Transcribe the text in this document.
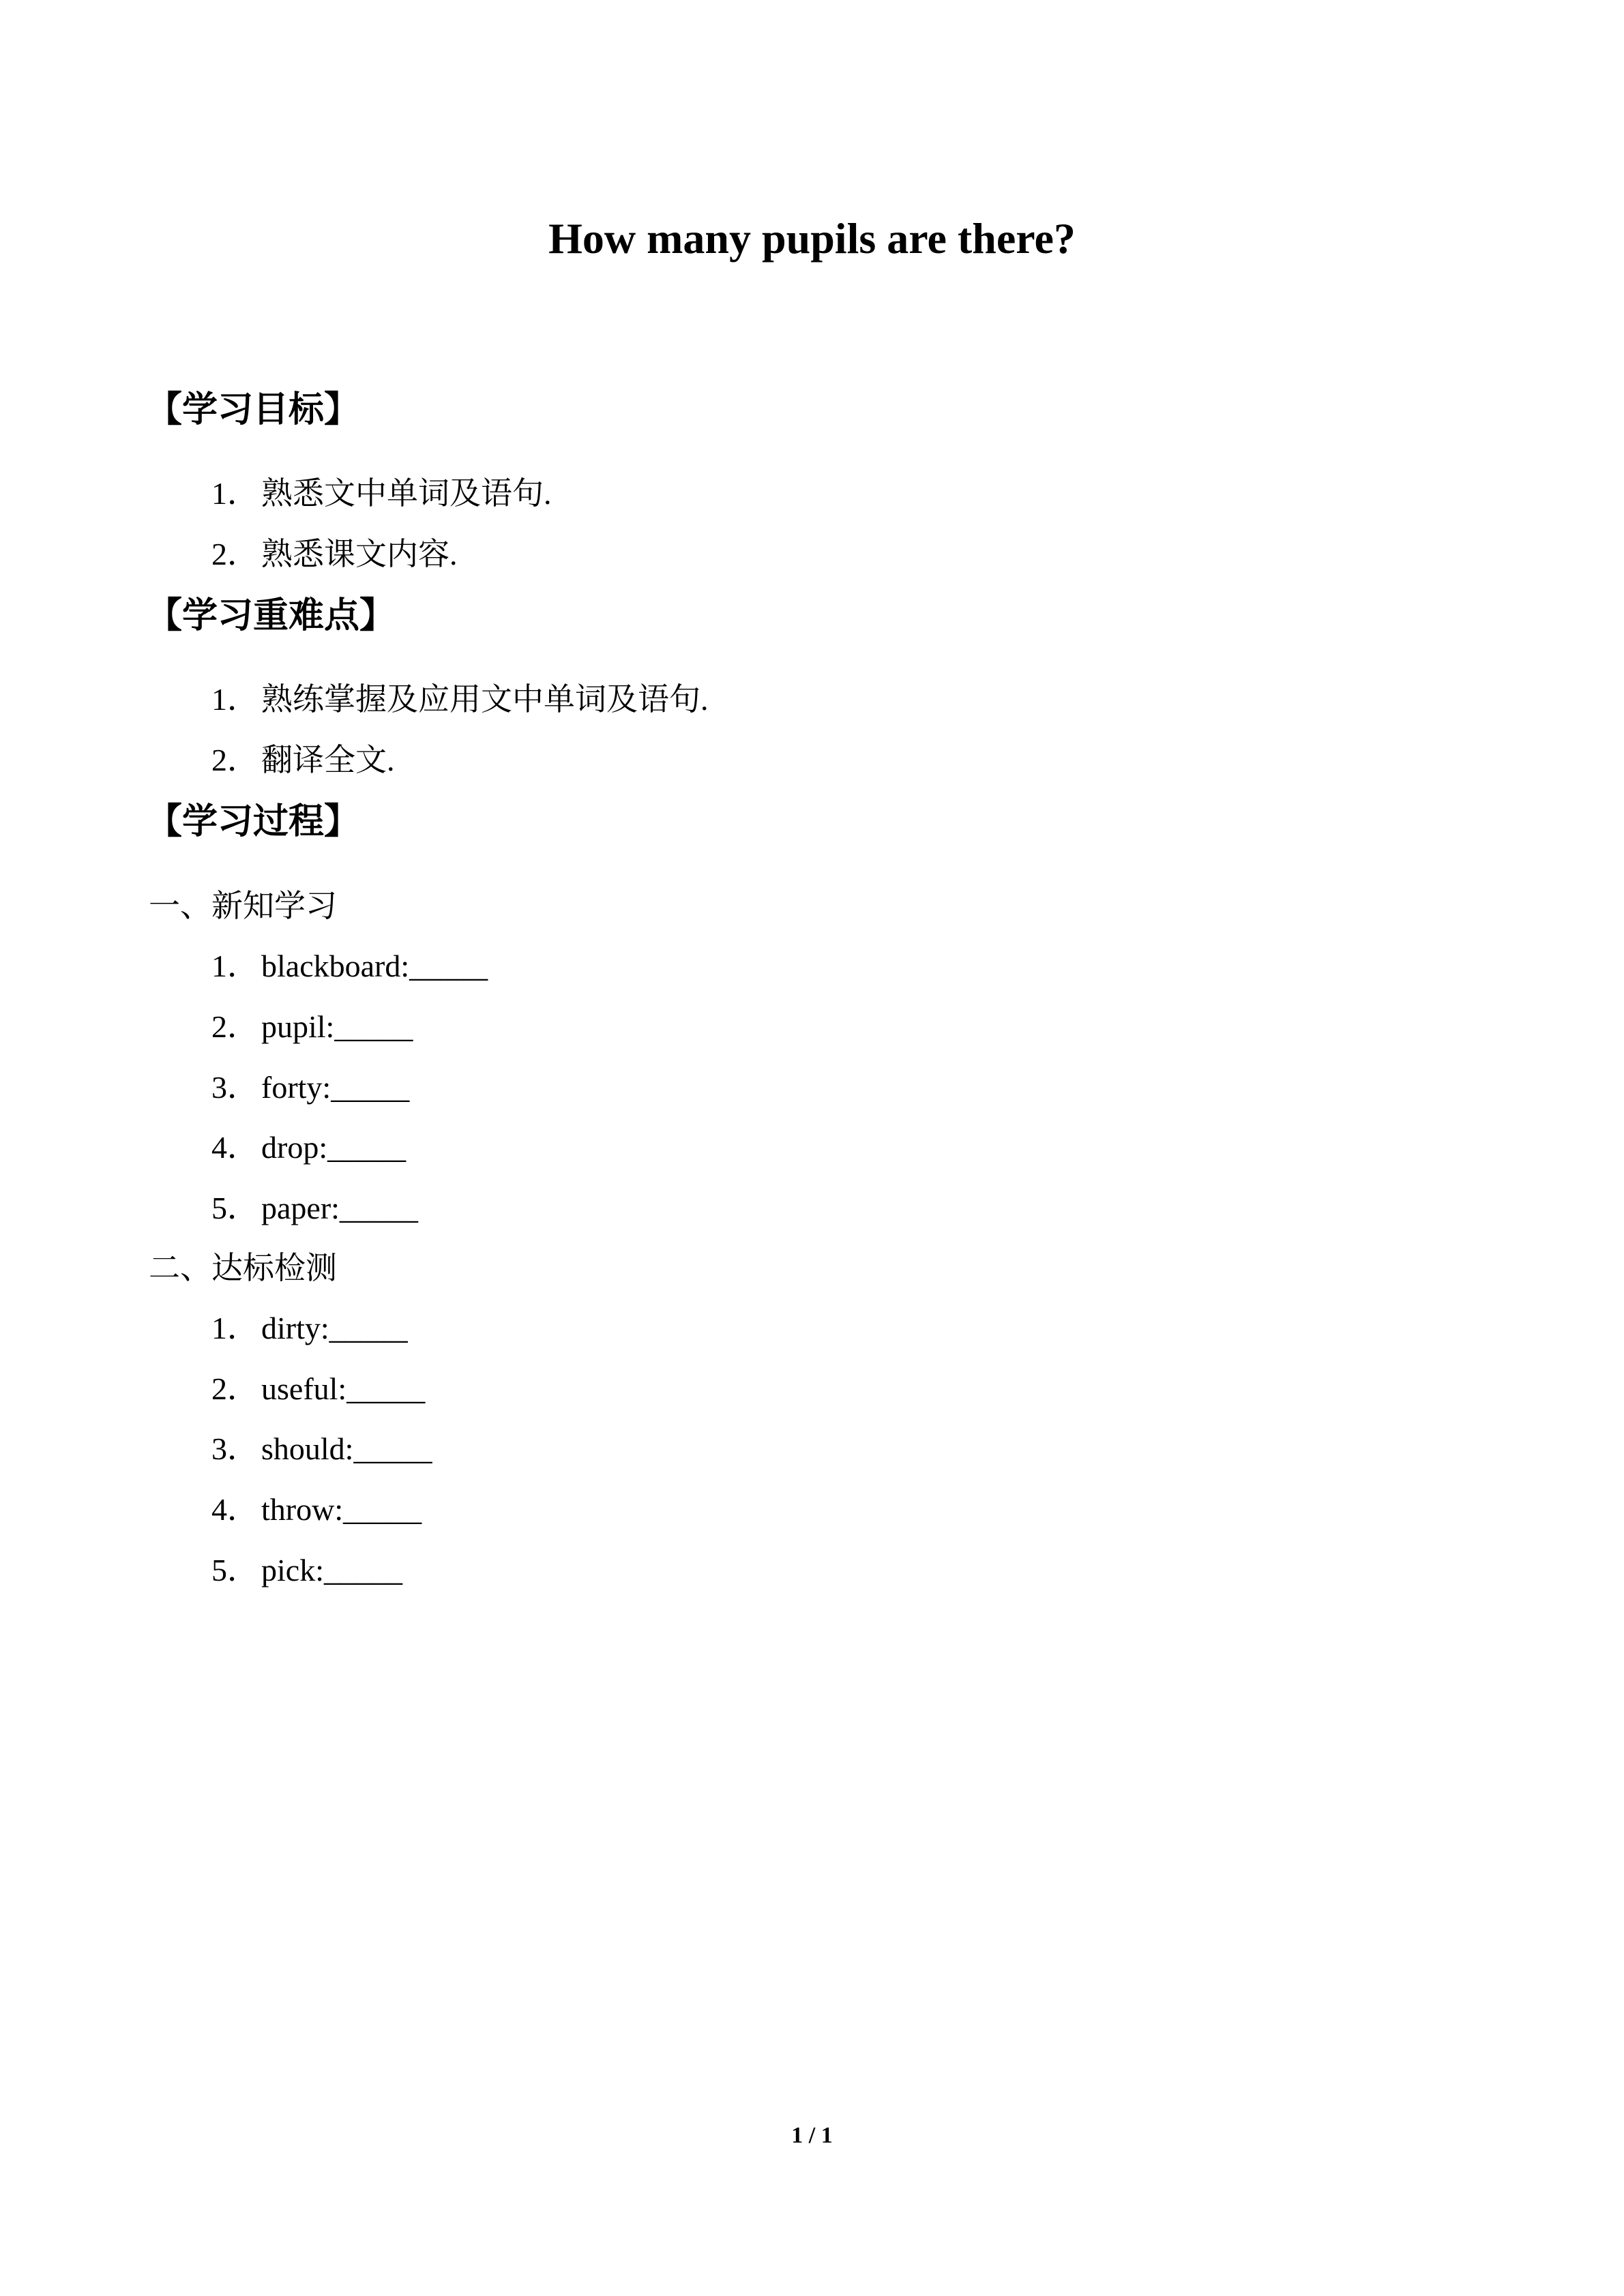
How many pupils are there?
【学习目标】
1．熟悉文中单词及语句.
2．熟悉课文内容.
【学习重难点】
1．熟练掌握及应用文中单词及语句.
2．翻译全文.
【学习过程】
一、新知学习
1．blackboard:_____
2．pupil:_____
3．forty:_____
4．drop:_____
5．paper:_____
二、达标检测
1．dirty:_____
2．useful:_____
3．should:_____
4．throw:_____
5．pick:_____
1 / 1
